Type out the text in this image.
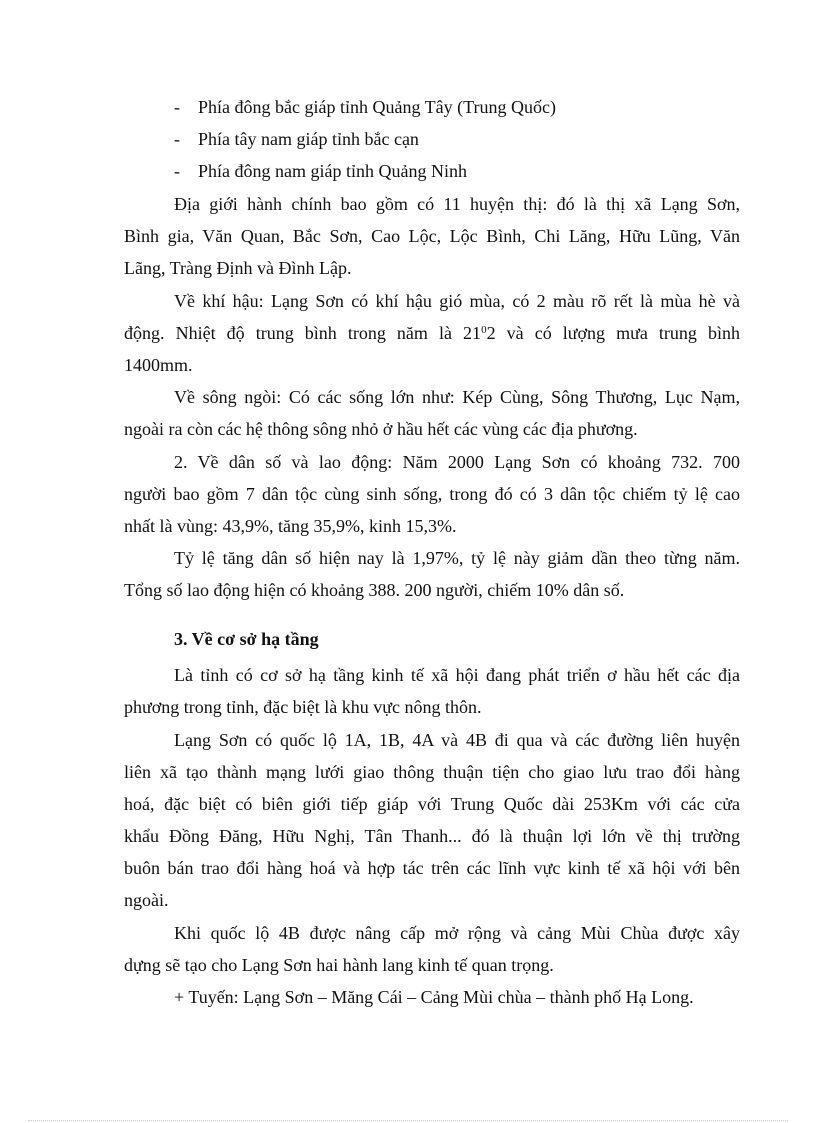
- Phía đông bắc giáp tỉnh Quảng Tây (Trung Quốc)
- Phía tây nam giáp tỉnh bắc cạn
- Phía đông nam giáp tỉnh Quảng Ninh
Địa giới hành chính bao gồm có 11 huyện thị: đó là thị xã Lạng Sơn,
Bình gia, Văn Quan, Bắc Sơn, Cao Lộc, Lộc Bình, Chi Lăng, Hữu Lũng, Văn
Lãng, Tràng Định và Đình Lập.
Về khí hậu: Lạng Sơn có khí hậu gió mùa, có 2 màu rõ rết là mùa hè và
động. Nhiệt độ trung bình trong năm là $21^02$ và có lượng mưa trung bình
1400mm.
Về sông ngòi: Có các sống lớn như: Kép Cùng, Sông Thương, Lục Nạm,
ngoài ra còn các hệ thông sông nhỏ ở hầu hết các vùng các địa phương.
2. Về dân số và lao động: Năm 2000 Lạng Sơn có khoảng 732. 700
người bao gồm 7 dân tộc cùng sinh sống, trong đó có 3 dân tộc chiếm tỷ lệ cao
nhất là vùng: 43,9%, tăng 35,9%, kinh 15,3%.
Tỷ lệ tăng dân số hiện nay là 1,97%, tỷ lệ này giảm dần theo từng năm.
Tổng số lao động hiện có khoảng 388. 200 người, chiếm 10% dân số.
3. Về cơ sở hạ tầng
Là tỉnh có cơ sở hạ tầng kinh tế xã hội đang phát triển ơ hầu hết các địa
phương trong tỉnh, đặc biệt là khu vực nông thôn.
Lạng Sơn có quốc lộ 1A, 1B, 4A và 4B đi qua và các đường liên huyện
liên xã tạo thành mạng lưới giao thông thuận tiện cho giao lưu trao đổi hàng
hoá, đặc biệt có biên giới tiếp giáp với Trung Quốc dài 253Km với các cửa
khẩu Đồng Đăng, Hữu Nghị, Tân Thanh... đó là thuận lợi lớn về thị trường
buôn bán trao đổi hàng hoá và hợp tác trên các lĩnh vực kinh tế xã hội với bên
ngoài.
Khi quốc lộ 4B được nâng cấp mở rộng và cảng Mùi Chùa được xây
dựng sẽ tạo cho Lạng Sơn hai hành lang kinh tế quan trọng.
+ Tuyến: Lạng Sơn – Măng Cái – Cảng Mùi chùa – thành phố Hạ Long.
